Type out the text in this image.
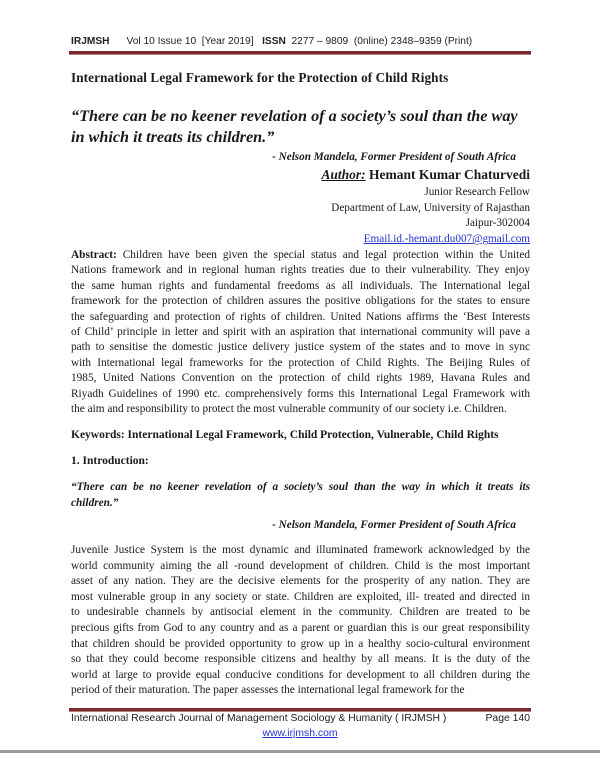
IRJMSH Vol 10 Issue 10  [Year 2019] ISSN 2277 – 9809  (0nline) 2348–9359 (Print)
International Legal Framework for the Protection of Child Rights
“There can be no keener revelation of a society’s soul than the way in which it treats its children.”
- Nelson Mandela, Former President of South Africa
Author: Hemant Kumar Chaturvedi
Junior Research Fellow
Department of Law, University of Rajasthan
Jaipur-302004
Email.id.-hemant.du007@gmail.com
Abstract: Children have been given the special status and legal protection within the United
Nations framework and in regional human rights treaties due to their vulnerability. They enjoy
the same human rights and fundamental freedoms as all individuals. The International legal
framework for the protection of children assures the positive obligations for the states to ensure
the safeguarding and protection of rights of children. United Nations affirms the ‘Best Interests
of Child’ principle in letter and spirit with an aspiration that international community will pave a
path to sensitise the domestic justice delivery justice system of the states and to move in sync
with International legal frameworks for the protection of Child Rights. The Beijing Rules of
1985, United Nations Convention on the protection of child rights 1989, Havana Rules and
Riyadh Guidelines of 1990 etc. comprehensively forms this International Legal Framework with
the aim and responsibility to protect the most vulnerable community of our society i.e. Children.
Keywords: International Legal Framework, Child Protection, Vulnerable, Child Rights
1. Introduction:
“There can be no keener revelation of a society’s soul than the way in which it treats its
children.”
- Nelson Mandela, Former President of South Africa
Juvenile Justice System is the most dynamic and illuminated framework acknowledged by the
world community aiming the all -round development of children. Child is the most important
asset of any nation. They are the decisive elements for the prosperity of any nation. They are
most vulnerable group in any society or state. Children are exploited, ill- treated and directed in
to undesirable channels by antisocial element in the community. Children are treated to be
precious gifts from God to any country and as a parent or guardian this is our great responsibility
that children should be provided opportunity to grow up in a healthy socio-cultural environment
so that they could become responsible citizens and healthy by all means. It is the duty of the
world at large to provide equal conducive conditions for development to all children during the
period of their maturation. The paper assesses the international legal framework for the
International Research Journal of Management Sociology & Humanity ( IRJMSH )	Page 140
www.irjmsh.com
